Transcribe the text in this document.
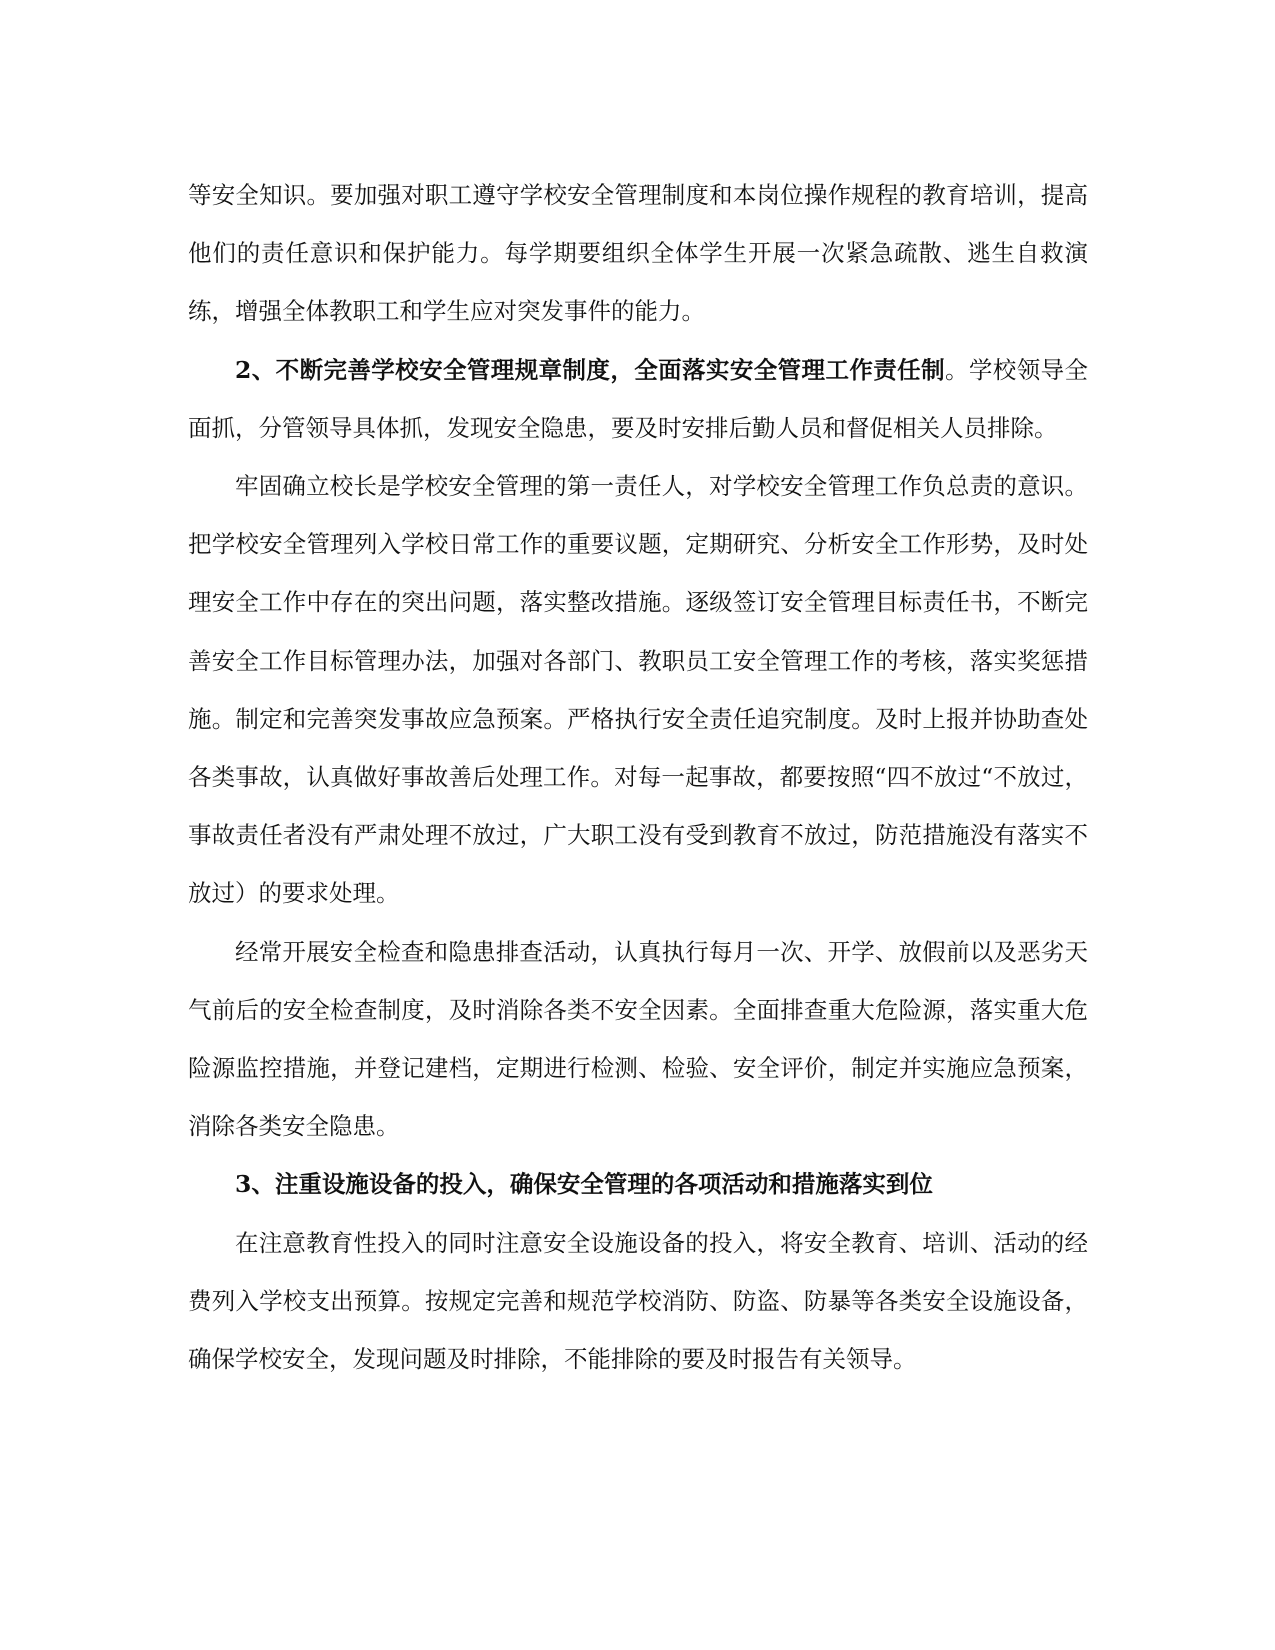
等安全知识。要加强对职工遵守学校安全管理制度和本岗位操作规程的教育培训，提高他们的责任意识和保护能力。每学期要组织全体学生开展一次紧急疏散、逃生自救演练，增强全体教职工和学生应对突发事件的能力。

2、不断完善学校安全管理规章制度，全面落实安全管理工作责任制。学校领导全面抓，分管领导具体抓，发现安全隐患，要及时安排后勤人员和督促相关人员排除。

牢固确立校长是学校安全管理的第一责任人，对学校安全管理工作负总责的意识。把学校安全管理列入学校日常工作的重要议题，定期研究、分析安全工作形势，及时处理安全工作中存在的突出问题，落实整改措施。逐级签订安全管理目标责任书，不断完善安全工作目标管理办法，加强对各部门、教职员工安全管理工作的考核，落实奖惩措施。制定和完善突发事故应急预案。严格执行安全责任追究制度。及时上报并协助查处各类事故，认真做好事故善后处理工作。对每一起事故，都要按照“四不放过“不放过，事故责任者没有严肃处理不放过，广大职工没有受到教育不放过，防范措施没有落实不放过）的要求处理。

经常开展安全检查和隐患排查活动，认真执行每月一次、开学、放假前以及恶劣天气前后的安全检查制度，及时消除各类不安全因素。全面排查重大危险源，落实重大危险源监控措施，并登记建档，定期进行检测、检验、安全评价，制定并实施应急预案，消除各类安全隐患。

3、注重设施设备的投入，确保安全管理的各项活动和措施落实到位

在注意教育性投入的同时注意安全设施设备的投入，将安全教育、培训、活动的经费列入学校支出预算。按规定完善和规范学校消防、防盗、防暴等各类安全设施设备，确保学校安全，发现问题及时排除，不能排除的要及时报告有关领导。
